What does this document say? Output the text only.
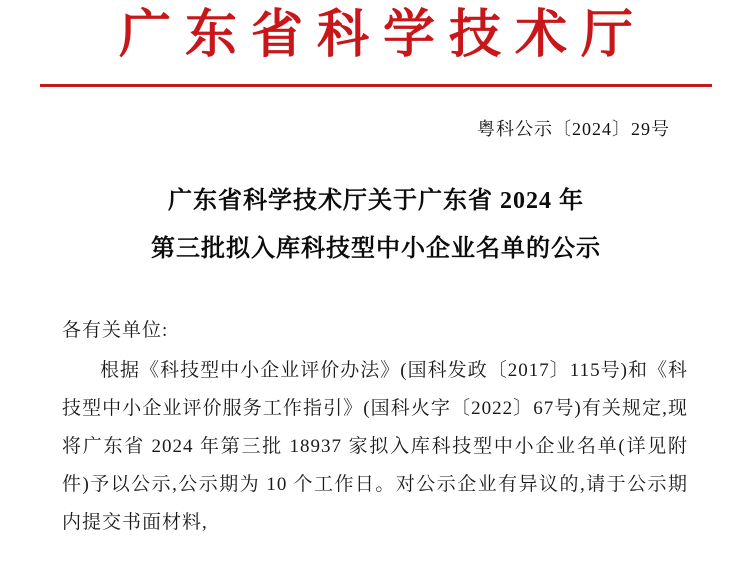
广东省科学技术厅
粤科公示〔2024〕29号
广东省科学技术厅关于广东省 2024 年
第三批拟入库科技型中小企业名单的公示
各有关单位:

根据《科技型中小企业评价办法》(国科发政〔2017〕115号)和《科技型中小企业评价服务工作指引》(国科火字〔2022〕67号)有关规定,现将广东省 2024 年第三批 18937 家拟入库科技型中小企业名单(详见附件)予以公示,公示期为 10 个工作日。对公示企业有异议的,请于公示期内提交书面材料,
